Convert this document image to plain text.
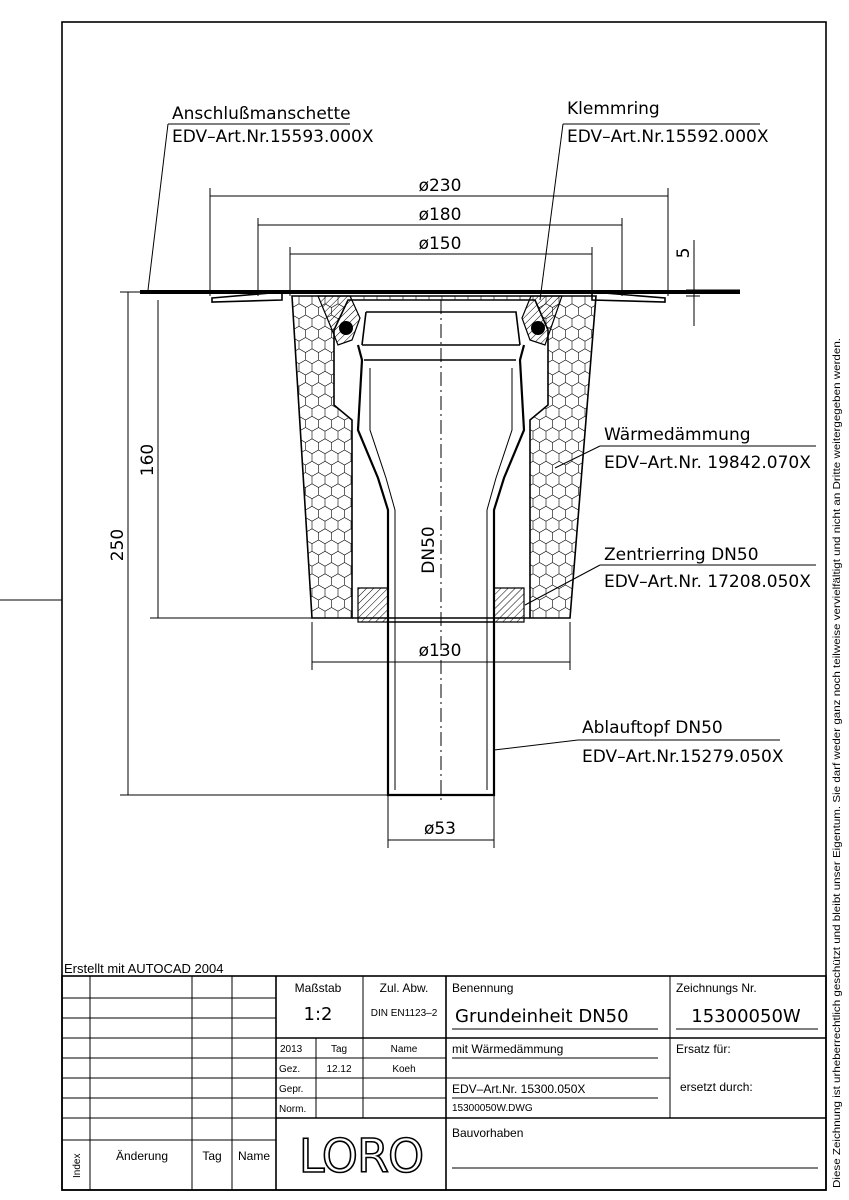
ø230
ø180
ø150
ø130
ø53
5
160
250	DN50
Anschlußmanschette
EDV–Art.Nr.15593.000X
Klemmring
EDV–Art.Nr.15592.000X
Wärmedämmung
EDV–Art.Nr. 19842.070X
Zentrierring DN50
EDV–Art.Nr. 17208.050X
Ablauftopf DN50
EDV–Art.Nr.15279.050X
Erstellt mit AUTOCAD 2004
Index	Änderung	Tag Name
Maßstab
1:2
Zul. Abw.
DIN EN1123–2
2013	Tag	Name
Gez.	12.12	Koeh
Gepr.
Norm.
LORO
Benennung
Grundeinheit DN50
mit Wärmedämmung
EDV–Art.Nr. 15300.050X
15300050W.DWG
Bauvorhaben
Zeichnungs Nr.
15300050W
Ersatz für:
ersetzt durch:	Diese Zeichnung ist urheberrechtlich geschützt und bleibt unser Eigentum. Sie darf weder ganz noch teilweise vervielfältigt und nicht an Dritte weitergegeben werden.
